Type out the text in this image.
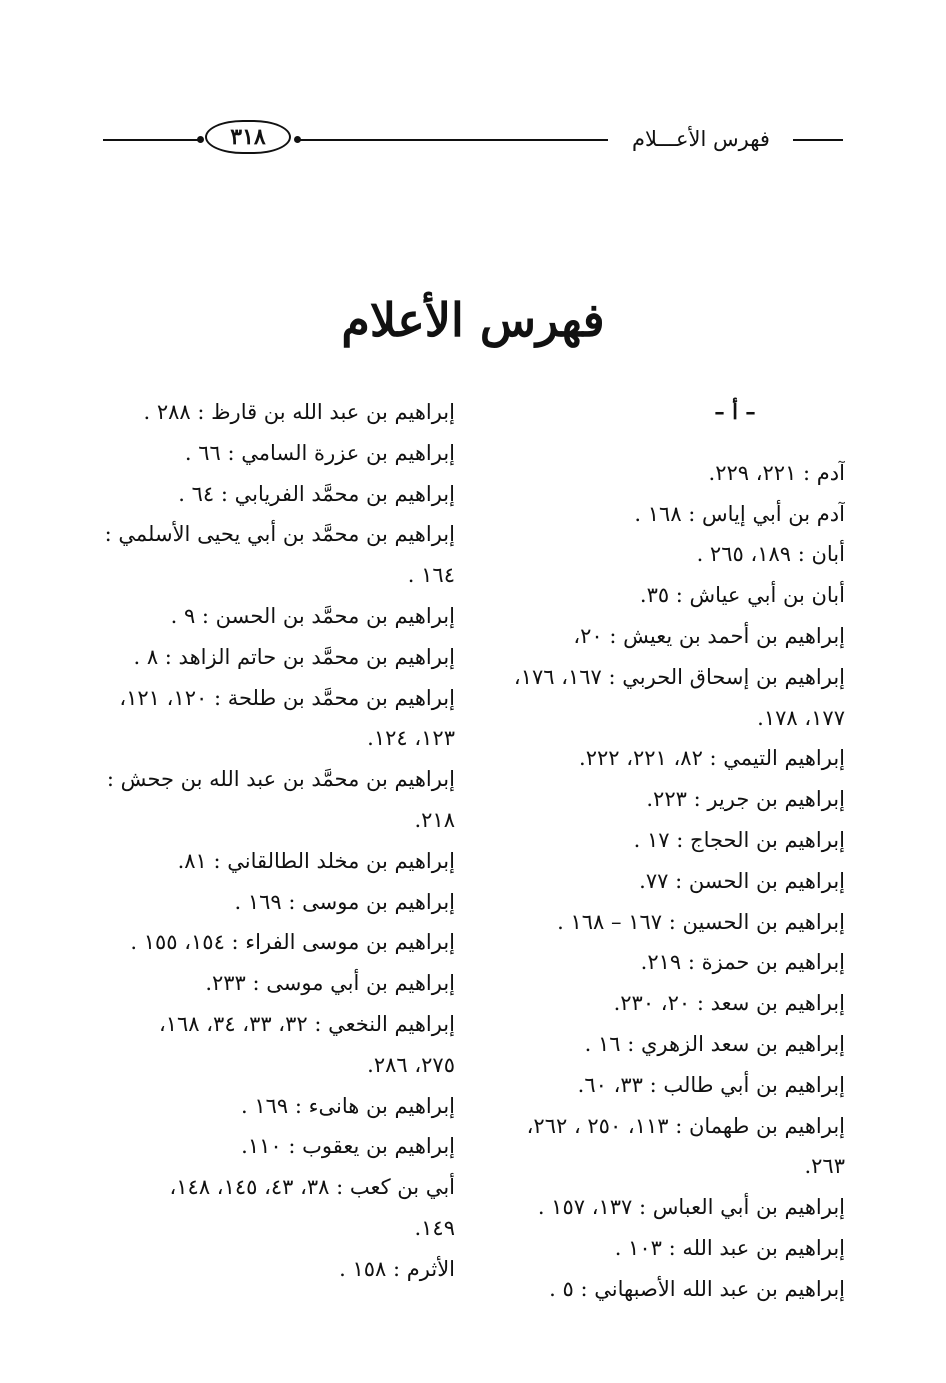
٣١٨	فهرس الأعـــلام
فهرس الأعلام
– أ –
آدم : ٢٢١، ٢٢٩.
آدم بن أبي إياس : ١٦٨ .
أبان : ١٨٩، ٢٦٥ .
أبان بن أبي عياش : ٣٥.
إبراهيم بن أحمد بن يعيش : ٢٠،
إبراهيم بن إسحاق الحربي : ١٦٧، ١٧٦،
١٧٧، ١٧٨.
إبراهيم التيمي : ٨٢، ٢٢١، ٢٢٢.
إبراهيم بن جرير : ٢٢٣.
إبراهيم بن الحجاج : ١٧ .
إبراهيم بن الحسن : ٧٧.
إبراهيم بن الحسين : ١٦٧ – ١٦٨ .
إبراهيم بن حمزة : ٢١٩.
إبراهيم بن سعد : ٢٠، ٢٣٠.
إبراهيم بن سعد الزهري : ١٦ .
إبراهيم بن أبي طالب : ٣٣، ٦٠.
إبراهيم بن طهمان : ١١٣، ٢٥٠ ، ٢٦٢،
٢٦٣.
إبراهيم بن أبي العباس : ١٣٧، ١٥٧ .
إبراهيم بن عبد الله : ١٠٣ .
إبراهيم بن عبد الله الأصبهاني : ٥ .
إبراهيم بن عبد الله بن قارظ : ٢٨٨ .
إبراهيم بن عزرة السامي : ٦٦ .
إبراهيم بن محمَّد الفريابي : ٦٤ .
إبراهيم بن محمَّد بن أبي يحيى الأسلمي :
١٦٤ .
إبراهيم بن محمَّد بن الحسن : ٩ .
إبراهيم بن محمَّد بن حاتم الزاهد : ٨ .
إبراهيم بن محمَّد بن طلحة : ١٢٠، ١٢١،
١٢٣، ١٢٤.
إبراهيم بن محمَّد بن عبد الله بن جحش :
٢١٨.
إبراهيم بن مخلد الطالقاني : ٨١.
إبراهيم بن موسى : ١٦٩ .
إبراهيم بن موسى الفراء : ١٥٤، ١٥٥ .
إبراهيم بن أبي موسى : ٢٣٣.
إبراهيم النخعي : ٣٢، ٣٣، ٣٤، ١٦٨،
٢٧٥، ٢٨٦.
إبراهيم بن هانىء : ١٦٩ .
إبراهيم بن يعقوب : ١١٠.
أبي بن كعب : ٣٨، ٤٣، ١٤٥، ١٤٨،
١٤٩.
الأثرم : ١٥٨ .
